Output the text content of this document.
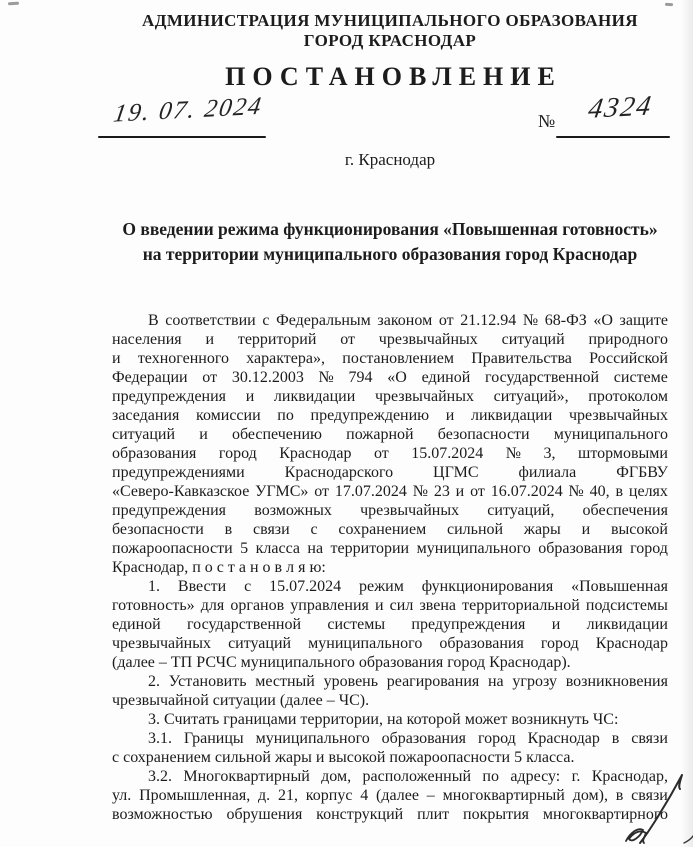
АДМИНИСТРАЦИЯ МУНИЦИПАЛЬНОГО ОБРАЗОВАНИЯ
ГОРОД КРАСНОДАР
ПОСТАНОВЛЕНИЕ
19. 07. 2024	№	4324
г. Краснодар
О введении режима функционирования «Повышенная готовность»
на территории муниципального образования город Краснодар
В соответствии с Федеральным законом от 21.12.94 № 68-ФЗ «О защите
населения и территорий от чрезвычайных ситуаций природного
и техногенного характера», постановлением Правительства Российской
Федерации от 30.12.2003 № 794 «О единой государственной системе
предупреждения и ликвидации чрезвычайных ситуаций», протоколом
заседания комиссии по предупреждению и ликвидации чрезвычайных
ситуаций и обеспечению пожарной безопасности муниципального
образования город Краснодар от 15.07.2024 № 3, штормовыми
предупреждениями Краснодарского ЦГМС филиала ФГБВУ
«Северо-Кавказское УГМС» от 17.07.2024 № 23 и от 16.07.2024 № 40, в целях
предупреждения возможных чрезвычайных ситуаций, обеспечения
безопасности в связи с сохранением сильной жары и высокой
пожароопасности 5 класса на территории муниципального образования город
Краснодар, п о с т а н о в л я ю:
1. Ввести с 15.07.2024 режим функционирования «Повышенная
готовность» для органов управления и сил звена территориальной подсистемы
единой государственной системы предупреждения и ликвидации
чрезвычайных ситуаций муниципального образования город Краснодар
(далее – ТП РСЧС муниципального образования город Краснодар).
2. Установить местный уровень реагирования на угрозу возникновения
чрезвычайной ситуации (далее – ЧС).
3. Считать границами территории, на которой может возникнуть ЧС:
3.1. Границы муниципального образования город Краснодар в связи
с сохранением сильной жары и высокой пожароопасности 5 класса.
3.2. Многоквартирный дом, расположенный по адресу: г. Краснодар,
ул. Промышленная, д. 21, корпус 4 (далее – многоквартирный дом), в связи
возможностью обрушения конструкций плит покрытия многоквартирного
